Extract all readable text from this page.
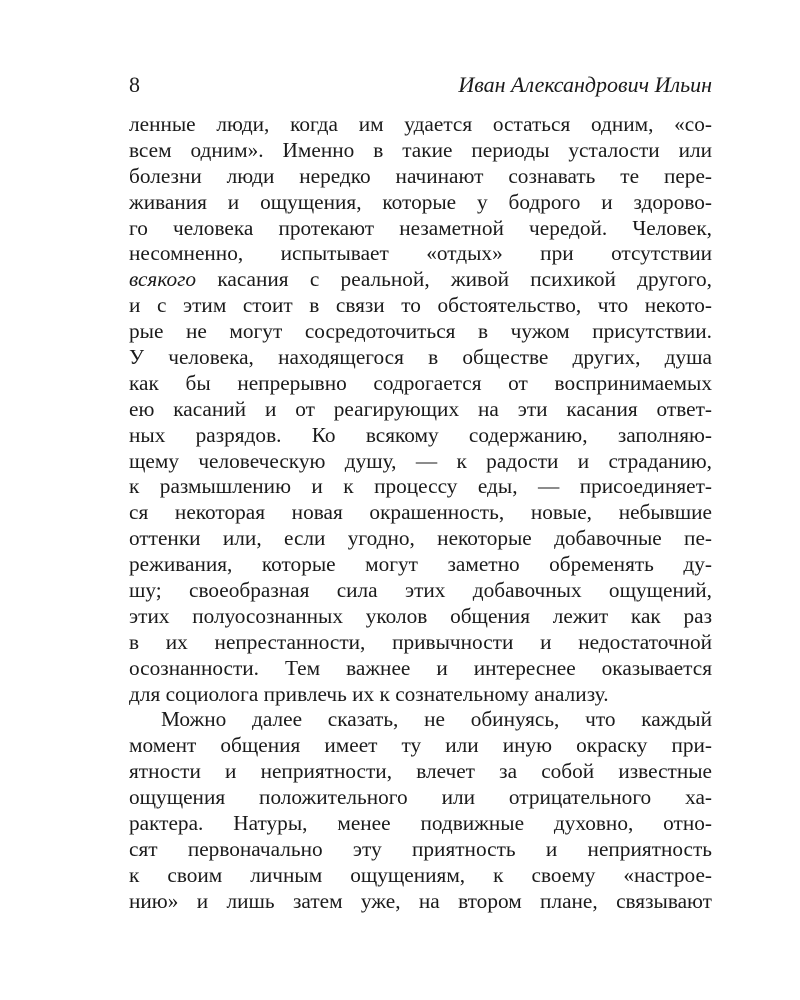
8	Иван Александрович Ильин
ленные люди, когда им удается остаться одним, «со-
всем одним». Именно в такие периоды усталости или
болезни люди нередко начинают сознавать те пере-
живания и ощущения, которые у бодрого и здорово-
го человека протекают незаметной чередой. Человек,
несомненно, испытывает «отдых» при отсутствии
всякого касания с реальной, живой психикой другого,
и с этим стоит в связи то обстоятельство, что некото-
рые не могут сосредоточиться в чужом присутствии.
У человека, находящегося в обществе других, душа
как бы непрерывно содрогается от воспринимаемых
ею касаний и от реагирующих на эти касания ответ-
ных разрядов. Ко всякому содержанию, заполняю-
щему человеческую душу, — к радости и страданию,
к размышлению и к процессу еды, — присоединяет-
ся некоторая новая окрашенность, новые, небывшие
оттенки или, если угодно, некоторые добавочные пе-
реживания, которые могут заметно обременять ду-
шу; своеобразная сила этих добавочных ощущений,
этих полуосознанных уколов общения лежит как раз
в их непрестанности, привычности и недостаточной
осознанности. Тем важнее и интереснее оказывается
для социолога привлечь их к сознательному анализу.
Можно далее сказать, не обинуясь, что каждый
момент общения имеет ту или иную окраску при-
ятности и неприятности, влечет за собой известные
ощущения положительного или отрицательного ха-
рактера. Натуры, менее подвижные духовно, отно-
сят первоначально эту приятность и неприятность
к своим личным ощущениям, к своему «настрое-
нию» и лишь затем уже, на втором плане, связывают
